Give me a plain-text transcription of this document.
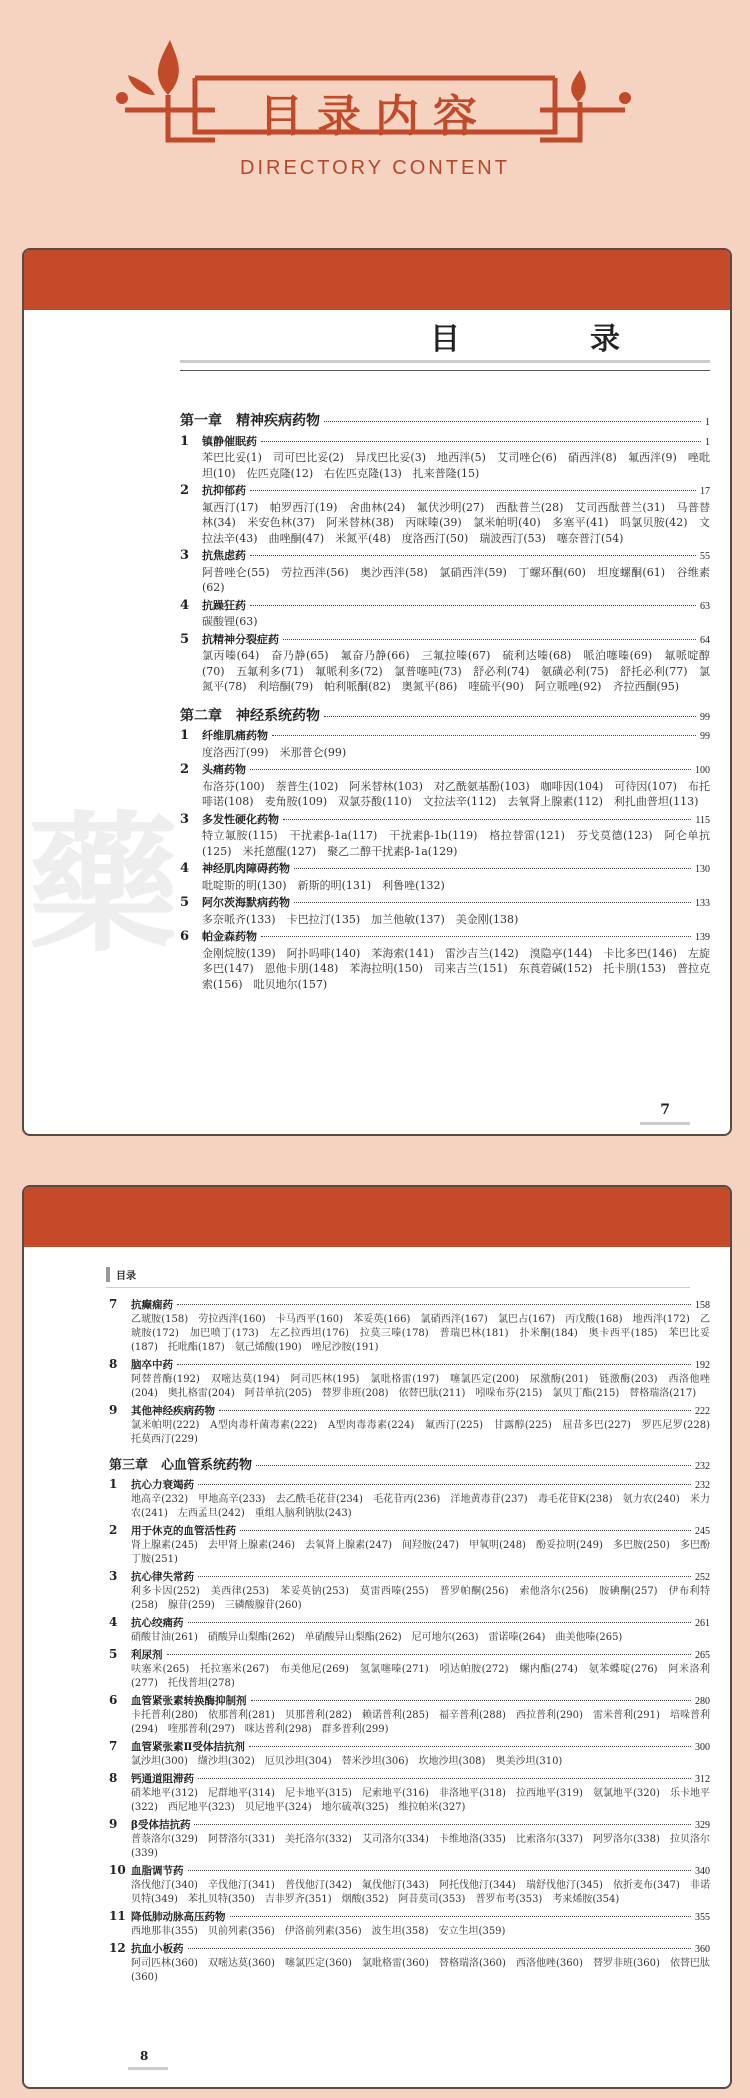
目录内容
DIRECTORY CONTENT
藥
目　录
第一章　精神疾病药物	1
1	镇静催眠药	1
苯巴比妥(1)　司可巴比妥(2)　异戊巴比妥(3)　地西泮(5)　艾司唑仑(6)　硝西泮(8)　氟西泮(9)　唑吡坦(10)　佐匹克隆(12)　右佐匹克隆(13)　扎来普隆(15)
2	抗抑郁药	17
氟西汀(17)　帕罗西汀(19)　舍曲林(24)　氟伏沙明(27)　西酞普兰(28)　艾司西酞普兰(31)　马普替林(34)　米安色林(37)　阿米替林(38)　丙咪嗪(39)　氯米帕明(40)　多塞平(41)　吗氯贝胺(42)　文拉法辛(43)　曲唑酮(47)　米氮平(48)　度洛西汀(50)　瑞波西汀(53)　噻奈普汀(54)
3	抗焦虑药	55
阿普唑仑(55)　劳拉西泮(56)　奥沙西泮(58)　氯硝西泮(59)　丁螺环酮(60)　坦度螺酮(61)　谷维素(62)
4	抗躁狂药	63
碳酸锂(63)
5	抗精神分裂症药	64
氯丙嗪(64)　奋乃静(65)　氟奋乃静(66)　三氟拉嗪(67)　硫利达嗪(68)　哌泊噻嗪(69)　氟哌啶醇(70)　五氟利多(71)　氟哌利多(72)　氯普噻吨(73)　舒必利(74)　氨磺必利(75)　舒托必利(77)　氯氮平(78)　利培酮(79)　帕利哌酮(82)　奥氮平(86)　喹硫平(90)　阿立哌唑(92)　齐拉西酮(95)
第二章　神经系统药物	99
1	纤维肌痛药物	99
度洛西汀(99)　米那普仑(99)
2	头痛药物	100
布洛芬(100)　萘普生(102)　阿米替林(103)　对乙酰氨基酚(103)　咖啡因(104)　可待因(107)　布托啡诺(108)　麦角胺(109)　双氯芬酸(110)　文拉法辛(112)　去氧肾上腺素(112)　利扎曲普坦(113)
3	多发性硬化药物	115
特立氟胺(115)　干扰素β-1a(117)　干扰素β-1b(119)　格拉替雷(121)　芬戈莫德(123)　阿仑单抗(125)　米托蒽醌(127)　聚乙二醇干扰素β-1a(129)
4	神经肌肉障碍药物	130
吡啶斯的明(130)　新斯的明(131)　利鲁唑(132)
5	阿尔茨海默病药物	133
多奈哌齐(133)　卡巴拉汀(135)　加兰他敏(137)　美金刚(138)
6	帕金森药物	139
金刚烷胺(139)　阿扑吗啡(140)　苯海索(141)　雷沙吉兰(142)　溴隐亭(144)　卡比多巴(146)　左旋多巴(147)　恩他卡朋(148)　苯海拉明(150)　司来吉兰(151)　东莨菪碱(152)　托卡朋(153)　普拉克索(156)　吡贝地尔(157)
7
目录
7	抗癫痫药	158
乙琥胺(158)　劳拉西泮(160)　卡马西平(160)　苯妥英(166)　氯硝西泮(167)　氯巴占(167)　丙戊酸(168)　地西泮(172)　乙琥胺(172)　加巴喷丁(173)　左乙拉西坦(176)　拉莫三嗪(178)　普瑞巴林(181)　扑米酮(184)　奥卡西平(185)　苯巴比妥(187)　托吡酯(187)　氨己烯酸(190)　唑尼沙胺(191)
8	脑卒中药	192
阿替普酶(192)　双嘧达莫(194)　阿司匹林(195)　氯吡格雷(197)　噻氯匹定(200)　尿激酶(201)　链激酶(203)　西洛他唑(204)　奥扎格雷(204)　阿昔单抗(205)　替罗非班(208)　依替巴肽(211)　吲哚布芬(215)　氯贝丁酯(215)　替格瑞洛(217)
9	其他神经疾病药物	222
氯米帕明(222)　A型肉毒杆菌毒素(222)　A型肉毒毒素(224)　氟西汀(225)　甘露醇(225)　屈昔多巴(227)　罗匹尼罗(228)　托莫西汀(229)
第三章　心血管系统药物	232
1	抗心力衰竭药	232
地高辛(232)　甲地高辛(233)　去乙酰毛花苷(234)　毛花苷丙(236)　洋地黄毒苷(237)　毒毛花苷K(238)　氨力农(240)　米力农(241)　左西孟旦(242)　重组人脑利钠肽(243)
2	用于休克的血管活性药	245
肾上腺素(245)　去甲肾上腺素(246)　去氧肾上腺素(247)　间羟胺(247)　甲氧明(248)　酚妥拉明(249)　多巴胺(250)　多巴酚丁胺(251)
3	抗心律失常药	252
利多卡因(252)　美西律(253)　苯妥英钠(253)　莫雷西嗪(255)　普罗帕酮(256)　索他洛尔(256)　胺碘酮(257)　伊布利特(258)　腺苷(259)　三磷酸腺苷(260)
4	抗心绞痛药	261
硝酸甘油(261)　硝酸异山梨酯(262)　单硝酸异山梨酯(262)　尼可地尔(263)　雷诺嗪(264)　曲美他嗪(265)
5	利尿剂	265
呋塞米(265)　托拉塞米(267)　布美他尼(269)　氢氯噻嗪(271)　吲达帕胺(272)　螺内酯(274)　氨苯蝶啶(276)　阿米洛利(277)　托伐普坦(278)
6	血管紧张素转换酶抑制剂	280
卡托普利(280)　依那普利(281)　贝那普利(282)　赖诺普利(285)　福辛普利(288)　西拉普利(290)　雷米普利(291)　培哚普利(294)　喹那普利(297)　咪达普利(298)　群多普利(299)
7	血管紧张素Ⅱ受体拮抗剂	300
氯沙坦(300)　缬沙坦(302)　厄贝沙坦(304)　替米沙坦(306)　坎地沙坦(308)　奥美沙坦(310)
8	钙通道阻滞药	312
硝苯地平(312)　尼群地平(314)　尼卡地平(315)　尼索地平(316)　非洛地平(318)　拉西地平(319)　氨氯地平(320)　乐卡地平(322)　西尼地平(323)　贝尼地平(324)　地尔硫䓬(325)　维拉帕米(327)
9	β受体拮抗药	329
普萘洛尔(329)　阿替洛尔(331)　美托洛尔(332)　艾司洛尔(334)　卡维地洛(335)　比索洛尔(337)　阿罗洛尔(338)　拉贝洛尔(339)
10 血脂调节药	340
洛伐他汀(340)　辛伐他汀(341)　普伐他汀(342)　氟伐他汀(343)　阿托伐他汀(344)　瑞舒伐他汀(345)　依折麦布(347)　非诺贝特(349)　苯扎贝特(350)　吉非罗齐(351)　烟酸(352)　阿昔莫司(353)　普罗布考(353)　考来烯胺(354)
11 降低肺动脉高压药物	355
西地那非(355)　贝前列素(356)　伊洛前列素(356)　波生坦(358)　安立生坦(359)
12 抗血小板药	360
阿司匹林(360)　双嘧达莫(360)　噻氯匹定(360)　氯吡格雷(360)　替格瑞洛(360)　西洛他唑(360)　替罗非班(360)　依替巴肽(360)
8
